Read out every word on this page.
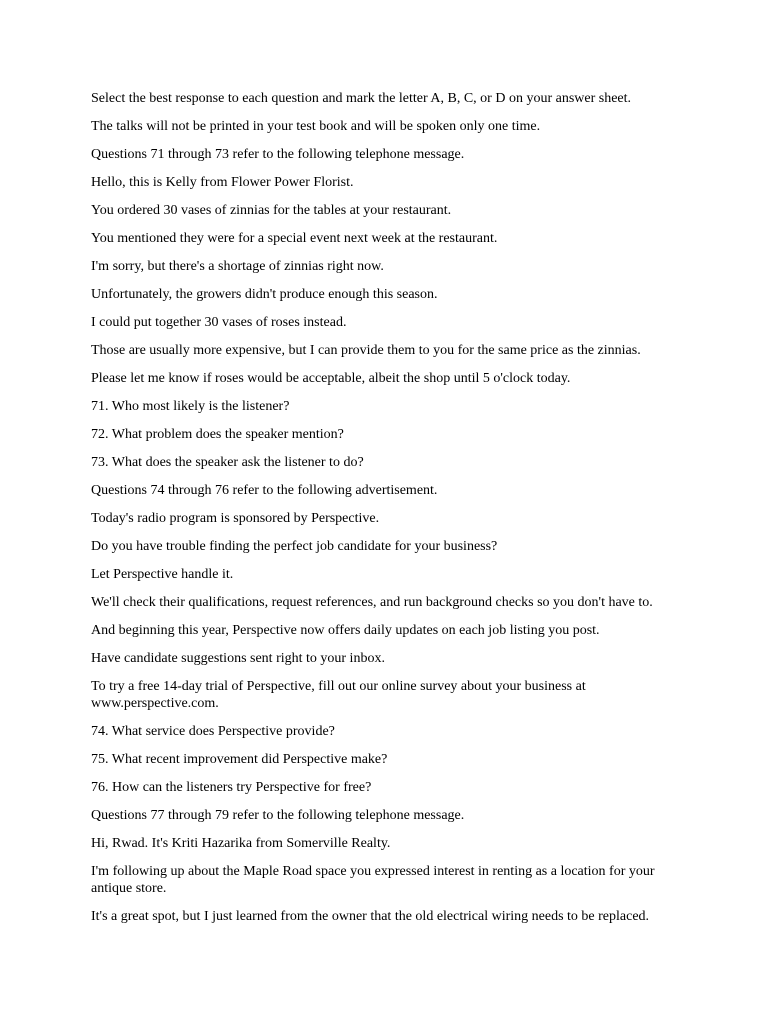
Select the best response to each question and mark the letter A, B, C, or D on your answer sheet.

The talks will not be printed in your test book and will be spoken only one time.

Questions 71 through 73 refer to the following telephone message.

Hello, this is Kelly from Flower Power Florist.

You ordered 30 vases of zinnias for the tables at your restaurant.

You mentioned they were for a special event next week at the restaurant.

I'm sorry, but there's a shortage of zinnias right now.

Unfortunately, the growers didn't produce enough this season.

I could put together 30 vases of roses instead.

Those are usually more expensive, but I can provide them to you for the same price as the zinnias.

Please let me know if roses would be acceptable, albeit the shop until 5 o'clock today.

71. Who most likely is the listener?

72. What problem does the speaker mention?

73. What does the speaker ask the listener to do?

Questions 74 through 76 refer to the following advertisement.

Today's radio program is sponsored by Perspective.

Do you have trouble finding the perfect job candidate for your business?

Let Perspective handle it.

We'll check their qualifications, request references, and run background checks so you don't have to.

And beginning this year, Perspective now offers daily updates on each job listing you post.

Have candidate suggestions sent right to your inbox.

To try a free 14-day trial of Perspective, fill out our online survey about your business at www.perspective.com.

74. What service does Perspective provide?

75. What recent improvement did Perspective make?

76. How can the listeners try Perspective for free?

Questions 77 through 79 refer to the following telephone message.

Hi, Rwad. It's Kriti Hazarika from Somerville Realty.

I'm following up about the Maple Road space you expressed interest in renting as a location for your antique store.

It's a great spot, but I just learned from the owner that the old electrical wiring needs to be replaced.
